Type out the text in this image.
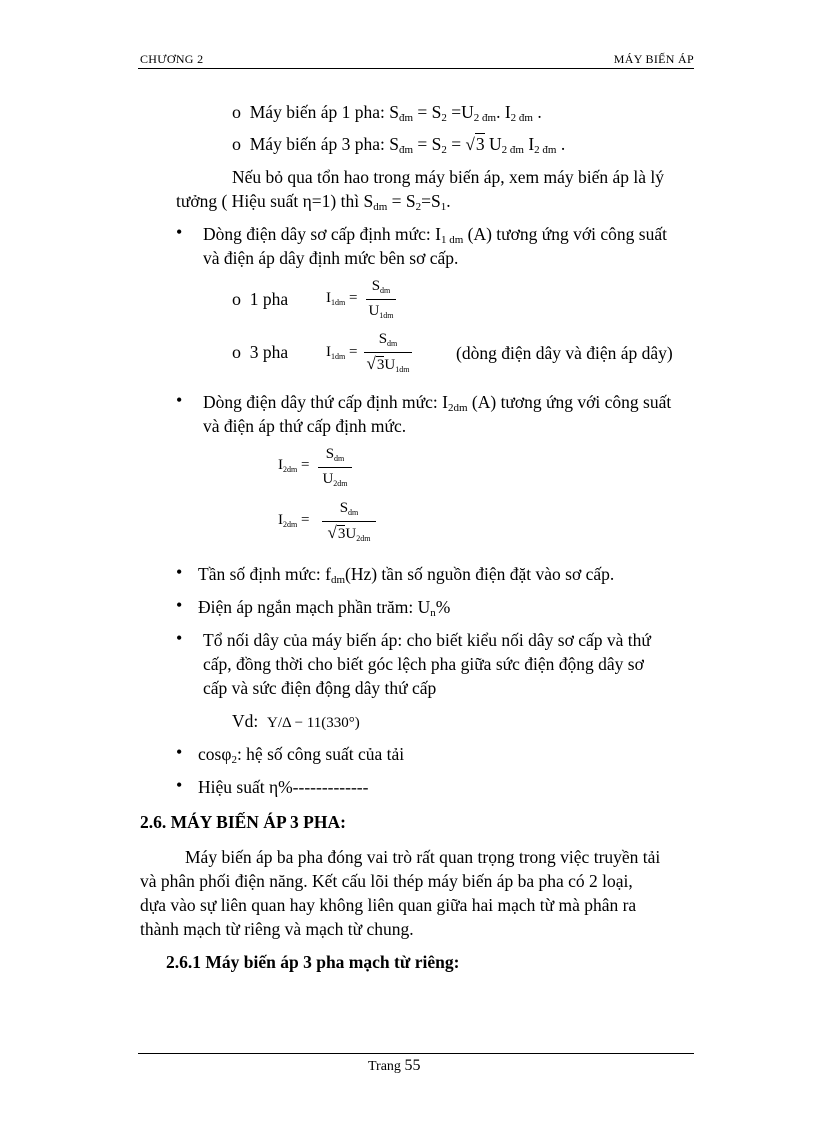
CHƯƠNG 2	MÁY BIẾN ÁP
o Máy biến áp 1 pha: $S_{đm} = S_2 =U_{2 đm}$. $I_{2 đm}$ .
o Máy biến áp 3 pha: $S_{đm} = S_2 = √3$ $U_{2 đm}$ $I_{2 đm}$ .
Nếu bỏ qua tổn hao trong máy biến áp, xem máy biến áp là lý
tưởng ( Hiệu suất η=1) thì $S_{dm} = S_2=S_1$.
• Dòng điện dây sơ cấp định mức: $I_{1 dm}$ (A) tương ứng với công suất
và điện áp dây định mức bên sơ cấp.
o 1 pha	$I_{1dm}$ =
$S_{dm}$
$U_{1dm}$
o 3 pha	$I_{1dm}$ =
$S_{dm}$
$√3U_{1dm}$
(dòng điện dây và điện áp dây)
• Dòng điện dây thứ cấp định mức: $I_{2dm}$ (A) tương ứng với công suất
và điện áp thứ cấp định mức.
$I_{2dm}$ =
$S_{dm}$
$U_{2dm}$
$I_{2dm}$ =
$S_{dm}$
$√3U_{2dm}$
• Tần số định mức: $f_{dm}(Hz)$ tần số nguồn điện đặt vào sơ cấp.
• Điện áp ngắn mạch phần trăm: $U_n\%$
• Tổ nối dây của máy biến áp: cho biết kiểu nối dây sơ cấp và thứ
cấp, đồng thời cho biết góc lệch pha giữa sức điện động dây sơ
cấp và sức điện động dây thứ cấp
Vd: Y/Δ − 11(330°)
• cosφ$_2$: hệ số công suất của tải
• Hiệu suất η%-------------
2.6. MÁY BIẾN ÁP 3 PHA:
Máy biến áp ba pha đóng vai trò rất quan trọng trong việc truyền tải
và phân phối điện năng. Kết cấu lõi thép máy biến áp ba pha có 2 loại,
dựa vào sự liên quan hay không liên quan giữa hai mạch từ mà phân ra
thành mạch từ riêng và mạch từ chung.
2.6.1 Máy biến áp 3 pha mạch từ riêng:
Trang 55
